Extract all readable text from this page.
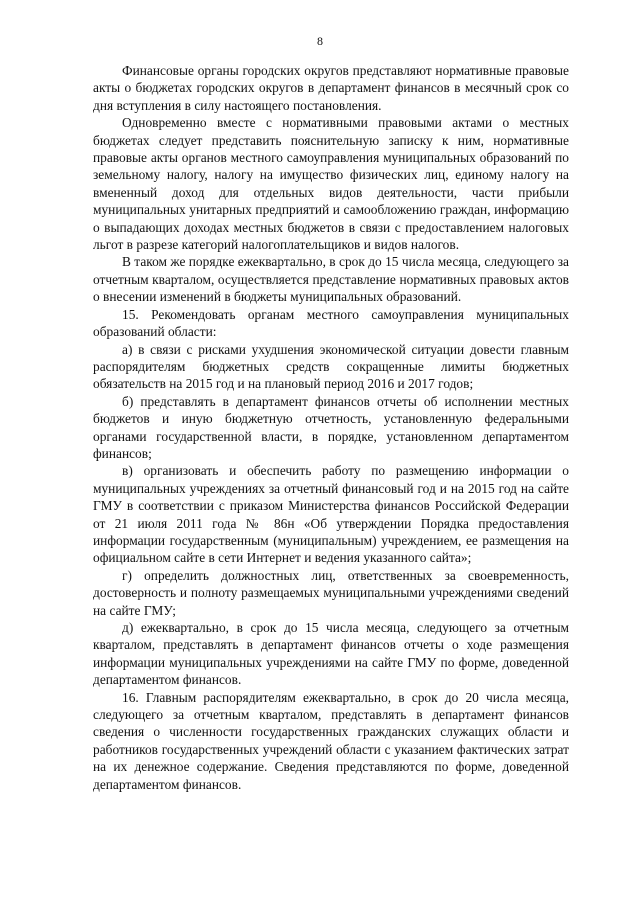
8

Финансовые органы городских округов представляют нормативные правовые акты о бюджетах городских округов в департамент финансов в месячный срок со дня вступления в силу настоящего постановления.

Одновременно вместе с нормативными правовыми актами о местных бюджетах следует представить пояснительную записку к ним, нормативные правовые акты органов местного самоуправления муниципальных образований по земельному налогу, налогу на имущество физических лиц, единому налогу на вмененный доход для отдельных видов деятельности, части прибыли муниципальных унитарных предприятий и самообложению граждан, информацию о выпадающих доходах местных бюджетов в связи с предоставлением налоговых льгот в разрезе категорий налогоплательщиков и видов налогов.

В таком же порядке ежеквартально, в срок до 15 числа месяца, следующего за отчетным кварталом, осуществляется представление нормативных правовых актов о внесении изменений в бюджеты муниципальных образований.

15. Рекомендовать органам местного самоуправления муниципальных образований области:

а) в связи с рисками ухудшения экономической ситуации довести главным распорядителям бюджетных средств сокращенные лимиты бюджетных обязательств на 2015 год и на плановый период 2016 и 2017 годов;

б) представлять в департамент финансов отчеты об исполнении местных бюджетов и иную бюджетную отчетность, установленную федеральными органами государственной власти, в порядке, установленном департаментом финансов;

в) организовать и обеспечить работу по размещению информации о муниципальных учреждениях за отчетный финансовый год и на 2015 год на сайте ГМУ в соответствии с приказом Министерства финансов Российской Федерации от 21 июля 2011 года № 86н «Об утверждении Порядка предоставления информации государственным (муниципальным) учреждением, ее размещения на официальном сайте в сети Интернет и ведения указанного сайта»;

г) определить должностных лиц, ответственных за своевременность, достоверность и полноту размещаемых муниципальными учреждениями сведений на сайте ГМУ;

д) ежеквартально, в срок до 15 числа месяца, следующего за отчетным кварталом, представлять в департамент финансов отчеты о ходе размещения информации муниципальных учреждениями на сайте ГМУ по форме, доведенной департаментом финансов.

16. Главным распорядителям ежеквартально, в срок до 20 числа месяца, следующего за отчетным кварталом, представлять в департамент финансов сведения о численности государственных гражданских служащих области и работников государственных учреждений области с указанием фактических затрат на их денежное содержание. Сведения представляются по форме, доведенной департаментом финансов.
